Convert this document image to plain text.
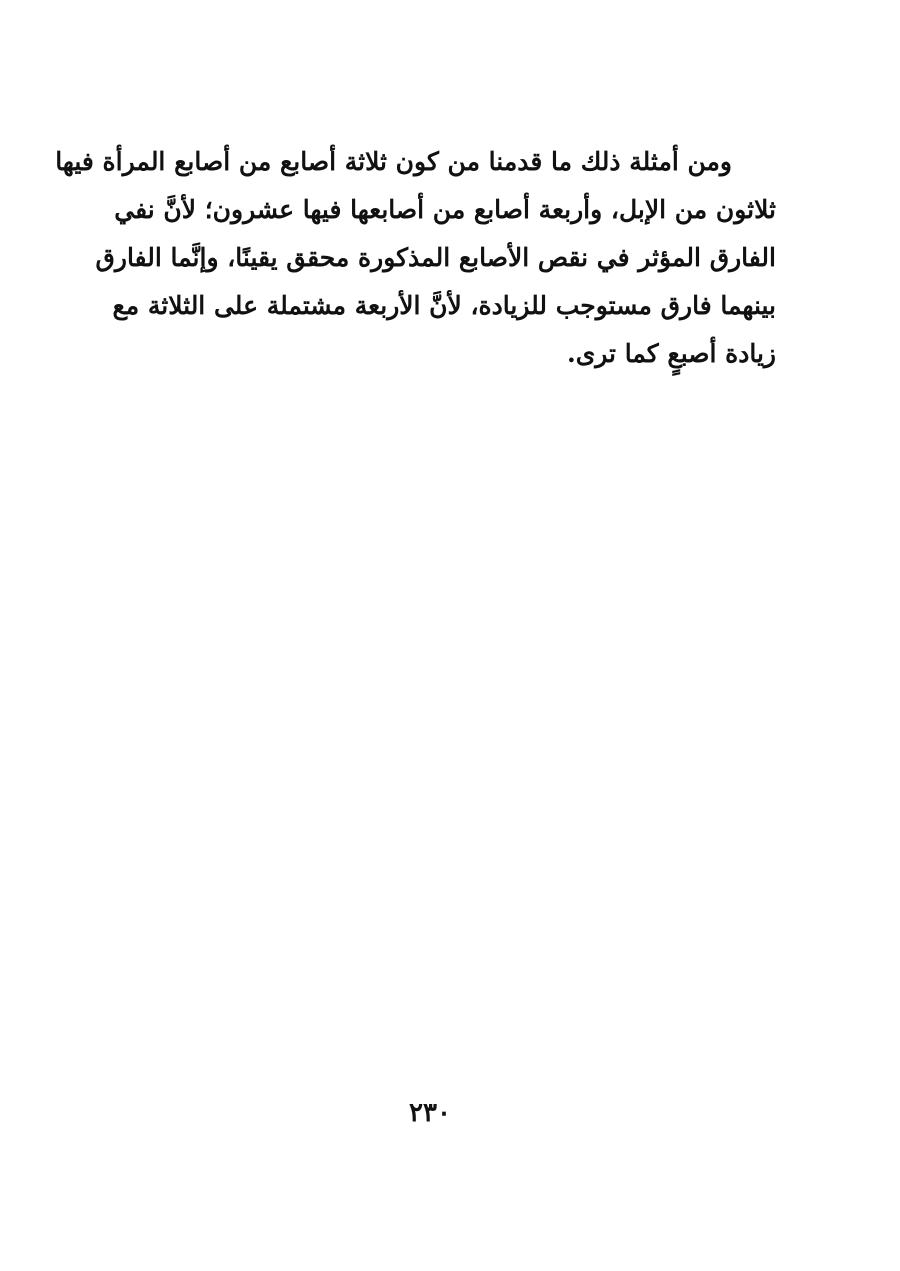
ومن أمثلة ذلك ما قدمنا من كون ثلاثة أصابع من أصابع المرأة فيها
ثلاثون من الإبل، وأربعة أصابع من أصابعها فيها عشرون؛ لأنَّ نفي
الفارق المؤثر في نقص الأصابع المذكورة محقق يقينًا، وإنَّما الفارق
بينهما فارق مستوجب للزيادة، لأنَّ الأربعة مشتملة على الثلاثة مع
زيادة أصبعٍ كما ترى.
٢٣٠
